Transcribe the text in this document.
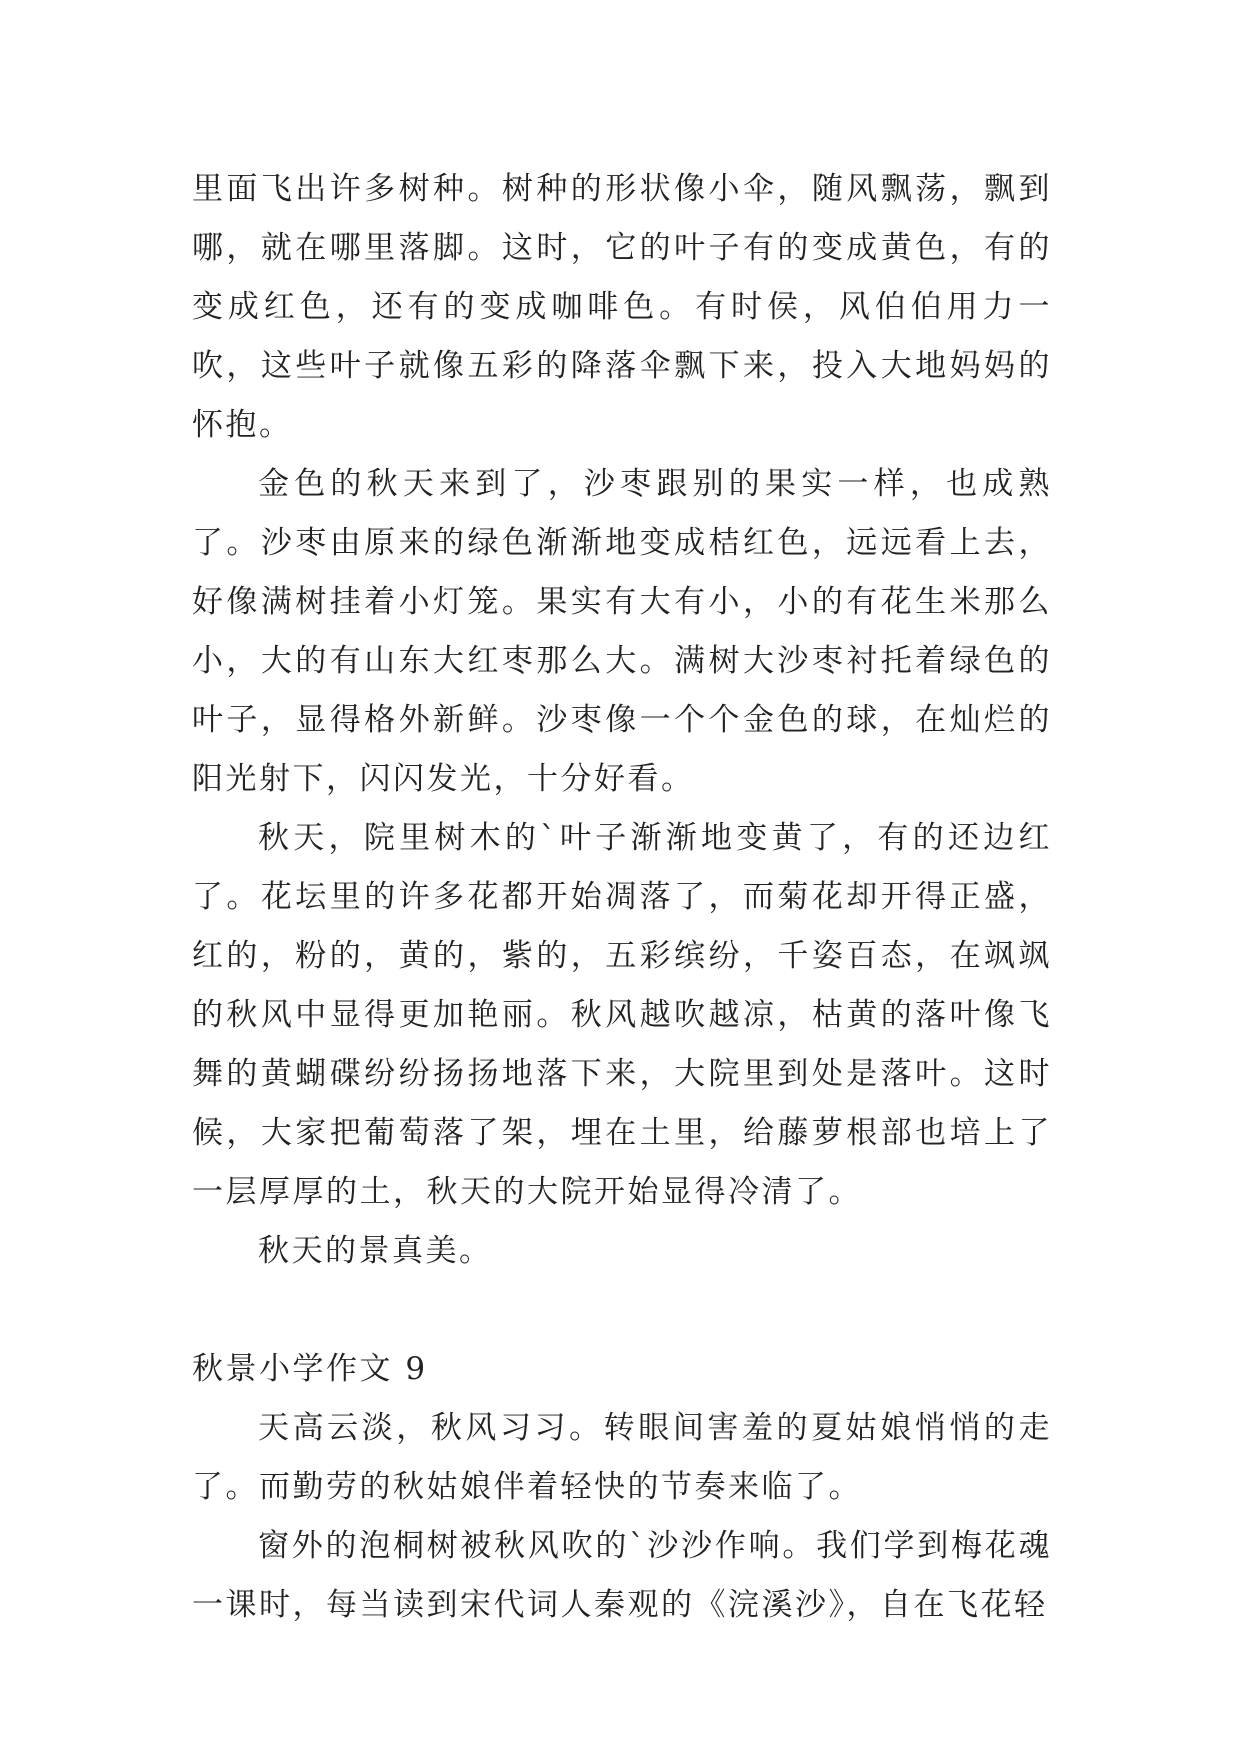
里面飞出许多树种。树种的形状像小伞，随风飘荡，飘到哪，就在哪里落脚。这时，它的叶子有的变成黄色，有的变成红色，还有的变成咖啡色。有时侯，风伯伯用力一吹，这些叶子就像五彩的降落伞飘下来，投入大地妈妈的怀抱。

金色的秋天来到了，沙枣跟别的果实一样，也成熟了。沙枣由原来的绿色渐渐地变成桔红色，远远看上去，好像满树挂着小灯笼。果实有大有小，小的有花生米那么小，大的有山东大红枣那么大。满树大沙枣衬托着绿色的叶子，显得格外新鲜。沙枣像一个个金色的球，在灿烂的阳光射下，闪闪发光，十分好看。

秋天，院里树木的`叶子渐渐地变黄了，有的还边红了。花坛里的许多花都开始凋落了，而菊花却开得正盛，红的，粉的，黄的，紫的，五彩缤纷，千姿百态，在飒飒的秋风中显得更加艳丽。秋风越吹越凉，枯黄的落叶像飞舞的黄蝴碟纷纷扬扬地落下来，大院里到处是落叶。这时候，大家把葡萄落了架，埋在土里，给藤萝根部也培上了一层厚厚的土，秋天的大院开始显得冷清了。

秋天的景真美。

秋景小学作文 9

天高云淡，秋风习习。转眼间害羞的夏姑娘悄悄的走了。而勤劳的秋姑娘伴着轻快的节奏来临了。

窗外的泡桐树被秋风吹的`沙沙作响。我们学到梅花魂一课时，每当读到宋代词人秦观的《浣溪沙》，自在飞花轻
